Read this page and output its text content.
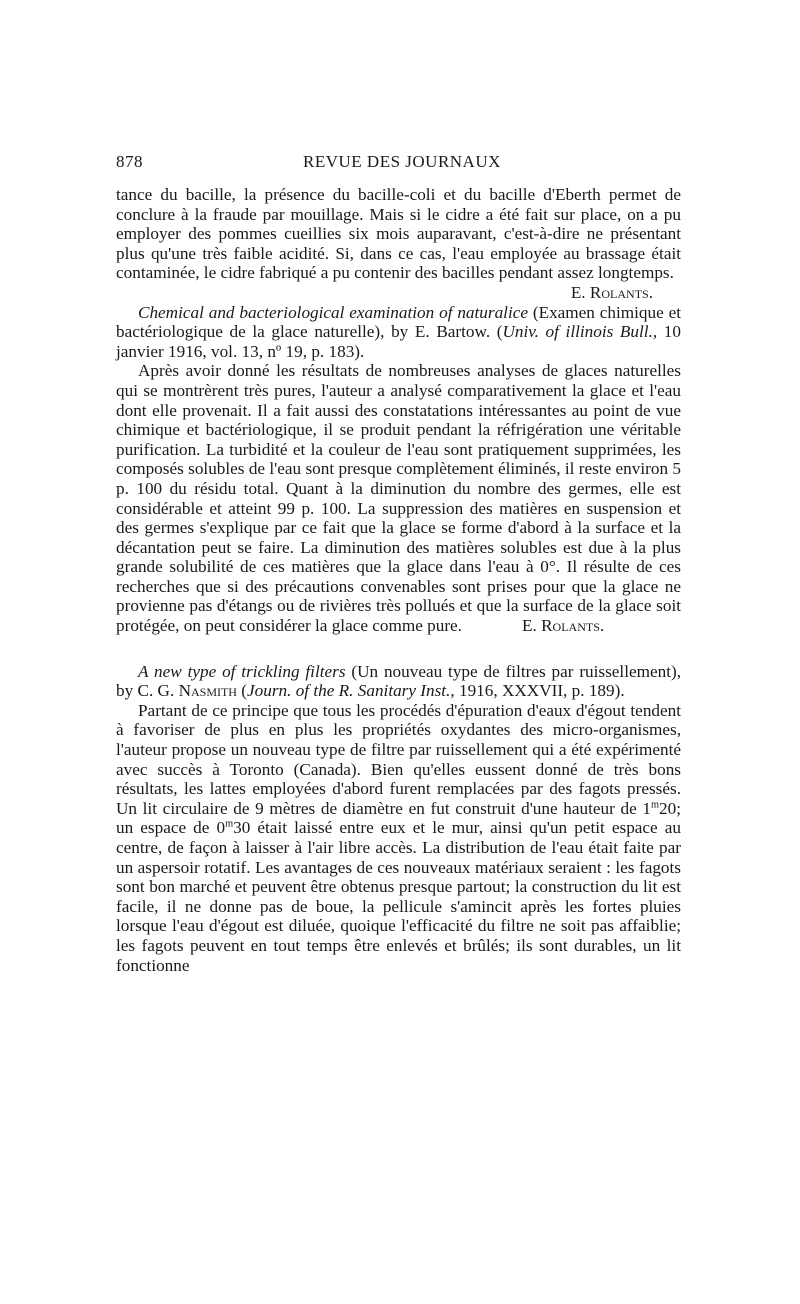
878	REVUE DES JOURNAUX

tance du bacille, la présence du bacille-coli et du bacille d'Eberth permet de conclure à la fraude par mouillage. Mais si le cidre a été fait sur place, on a pu employer des pommes cueillies six mois auparavant, c'est-à-dire ne présentant plus qu'une très faible acidité. Si, dans ce cas, l'eau employée au brassage était contaminée, le cidre fabriqué a pu contenir des bacilles pendant assez longtemps.

E. Rolants.

Chemical and bacteriological examination of naturalice (Examen chimique et bactériologique de la glace naturelle), by E. Bartow. (Univ. of illinois Bull., 10 janvier 1916, vol. 13, nº 19, p. 183).

Après avoir donné les résultats de nombreuses analyses de glaces naturelles qui se montrèrent très pures, l'auteur a analysé comparativement la glace et l'eau dont elle provenait. Il a fait aussi des constatations intéressantes au point de vue chimique et bactériologique, il se produit pendant la réfrigération une véritable purification. La turbidité et la couleur de l'eau sont pratiquement supprimées, les composés solubles de l'eau sont presque complètement éliminés, il reste environ 5 p. 100 du résidu total. Quant à la diminution du nombre des germes, elle est considérable et atteint 99 p. 100. La suppression des matières en suspension et des germes s'explique par ce fait que la glace se forme d'abord à la surface et la décantation peut se faire. La diminution des matières solubles est due à la plus grande solubilité de ces matières que la glace dans l'eau à 0°. Il résulte de ces recherches que si des précautions convenables sont prises pour que la glace ne provienne pas d'étangs ou de rivières très pollués et que la surface de la glace soit protégée, on peut considérer la glace comme pure.	E. Rolants.

A new type of trickling filters (Un nouveau type de filtres par ruissellement), by C. G. Nasmith (Journ. of the R. Sanitary Inst., 1916, XXXVII, p. 189).

Partant de ce principe que tous les procédés d'épuration d'eaux d'égout tendent à favoriser de plus en plus les propriétés oxydantes des micro-organismes, l'auteur propose un nouveau type de filtre par ruissellement qui a été expérimenté avec succès à Toronto (Canada). Bien qu'elles eussent donné de très bons résultats, les lattes employées d'abord furent remplacées par des fagots pressés. Un lit circulaire de 9 mètres de diamètre en fut construit d'une hauteur de 1$^m$20; un espace de 0$^m$30 était laissé entre eux et le mur, ainsi qu'un petit espace au centre, de façon à laisser à l'air libre accès. La distribution de l'eau était faite par un aspersoir rotatif. Les avantages de ces nouveaux matériaux seraient : les fagots sont bon marché et peuvent être obtenus presque partout; la construction du lit est facile, il ne donne pas de boue, la pellicule s'amincit après les fortes pluies lorsque l'eau d'égout est diluée, quoique l'efficacité du filtre ne soit pas affaiblie; les fagots peuvent en tout temps être enlevés et brûlés; ils sont durables, un lit fonctionne
